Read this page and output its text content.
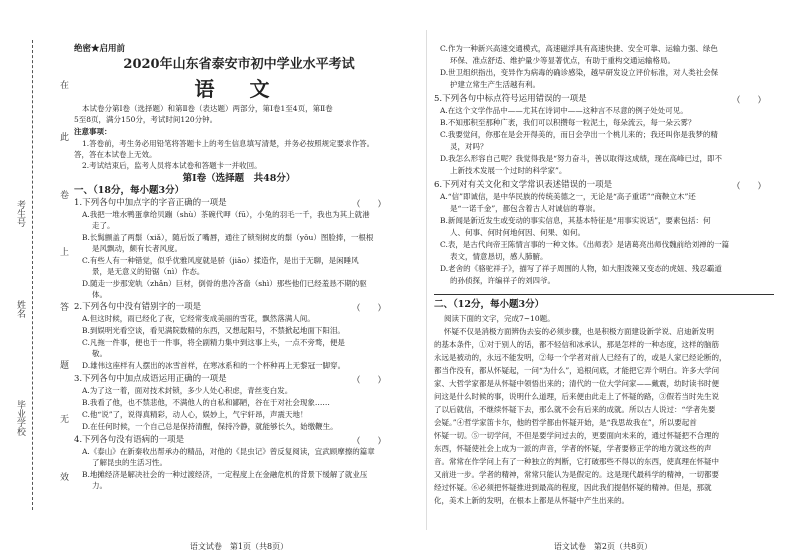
考生号
姓名
毕业学校
在
此
卷
上
答
题
无
效
绝密★启用前
2020年山东省泰安市初中学业水平考试
语 文
本试卷分第Ⅰ卷（选择题）和第Ⅱ卷（表达题）两部分，第Ⅰ卷1至4页，第Ⅱ卷
5至8页，满分150分，考试时间120分钟。
注意事项：
1.答卷前，考生务必用铅笔将答题卡上的考生信息填写清楚，并务必按照规定要求作答。
答，答在本试卷上无效。
2.考试结束后，监考人员将本试卷和答题卡一并收回。
第Ⅰ卷（选择题　共48分）
一、（18分，每小题3分）
1.下列各句中加点字的字音正确的一项是	（　　）
A.我把一堆水鸭蛋拿给贝蹦（shù）茶碗代呷（fū），小兔的羽毛一千，我也为其上就港
走了。
B.长髯颤盖了两鬃（xiǎ），随后饭了嘴唇，通往了锁刻树皮的鬃（yǒu）图脸捧，一根根
是风飘动，颇有长者风度。
C.有些人有一种错觉，似乎优雅风度就是骄（jiāo）揉造作，是出于无聊，是闲睡风
景，是无意义的铅锯（nì）作态。
D.随走一步那宠轨（zhǎn）巨材，倒骨的患冷吝啬（shì）那些他们已经羞恳不期的驱
体。
2.下列各句中没有错别字的一项是	（　　）
A.但这时候，雨已经化了夜，它经常变成美丽的雪花，飘然落满人间。
B.到娱明光看空谈，看见满院数精的东西，又想起阳号，不禁掀起地面下阳泪。
C.凡拖一件事，便也于一件事，将全副精力集中到这事上头，一点不旁骛，便是
敬。
D.雄伟这座样有人摆出的冰雪首样，在寒冰系和的一个杯种再上无黎冠一脚穿。
3.下列各句中加点成语运用正确的一项是	（　　）
A.为了这一着，面对技术封锁，多少人处心积虑，青丝变白发。
B.我看了他，也不禁悲他，不满他人的自私和鄙陋，谷在于对社会现象……
C.他“说”了，说得真精彩，动人心，娱妙上，气宇轩昂，声震天地！
D.在任何时候，一个自己总是保持清醒，保持冷静，就能够长久，始缴鞭生。
4.下列各句没有语病的一项是	（　　）
A.《泰山》在新秦收出帮承办的精品，对他的《昆虫记》曾反复阅读，宜武顾摩擦的篇章
了解昆虫的生活习性。
B.地摊经济是解决社会的一种过渡经济，一定程度上在金融危机的背景下缓解了就业压
力。
语文试卷　第1页（共8页）
C.作为一种新兴高速交通模式，高速磁浮具有高速快捷、安全可靠、运输力强、绿色
环保、准点舒适、维护量少等显著优点，有助于重构交通运输格局。
D.世卫组织指出，变异作为病毒的确诊感染，越早研发设立评价标准，对人类社会保
护建立常生产生活越有利。
5.下列各句中标点符号运用错误的一项是	（　　）
A.在这个文学作品中——尤其在诗词中——这种言不尽意的例子处处可见。
B.不知那积至那种广袤，我们可以积攒每一粒泥土，每朵流云，每一朵云雾？
C.我要觉问，你那在是会开得美的，而日会孕出一个桃儿来的；我还叫你是我梦的精
灵，对吗？
D.我怎么形容自己呢？我觉得我是“努力奋斗，善以取得这成绩，现在高峰已过，即不
上新技术发展一个过时的科学家”。
6.下列对有关文化和文学常识表述错误的一项是	（　　）
A.“信”即诚信，是中华民族的传统美德之一，无论是“高子重诺”“商鞅立木”还
是“一诺千金”，都包含着古人对诚信的尊崇。
B.新闻是新近发生或变动的事实信息，其基本特征是“用事实说话”，要素包括：何
人、何事、何时何地何因、何果、如何。
C.表，是古代向帝王陈情言事的一种文体。《出师表》是诸葛亮出师伐魏前给刘禅的一篇
表文，情意恳切，感人肺腑。
D.老舍的《骆驼祥子》，描写了祥子周围的人物，如大胆泼辣又变态的虎妞、残忍霸道
的孙侦探，许编祥子的刘四爷。
二、（12分，每小题3分）
阅读下面的文字，完成7~10题。
怀疑不仅是消极方面辨伪去妄的必须步骤，也是积极方面建设新学说、启迪新发明
的基本条件，①对于别人的话，都不轻信和冰承认，那是怎样的一种态度，这样的脑筋
永远是被动的，永远不能发明，②每一个学者对前人已经有了的，或是人家已经论断的，
都当作没有，都从怀疑起，一问“为什么”，追根问底，才能把它弄个明白。许多大学问
家、大哲学家都是从怀疑中领悟出来的；清代的一位大学问家——戴震，幼时读书时便
问这是什么时候的事，说明什么道理，后来便由此走上了怀疑的路，③假若当时先生说
了以后就信，不继续怀疑下去，那么就不会有后来的成就。所以古人说过：“学者先要
会疑。”④哲学家笛卡尔，他的哲学都由怀疑开始，是“我思故我在”，所以要起首
怀疑一切。⑤一切学问，不但是要学问过去的，更要面向未来的，通过怀疑把不合理的
东西，怀疑使社会上成为一派的声音，学者的怀疑，学者要修正学的地方就这些的声
音。常常在作学问上有了一种独立的判断，它打破那些不得以的东西，使真理在怀疑中
又前进一步。学者的精神，常常只能认为是假定的。这是现代最科学的精神，一切都要
经过怀疑。⑥必须把怀疑推进到最高的程度，因此我们提倡怀疑的精神。但是，那就
化，美术上新的发明，在根本上都是从怀疑中产生出来的。
语文试卷　第2页（共8页）
